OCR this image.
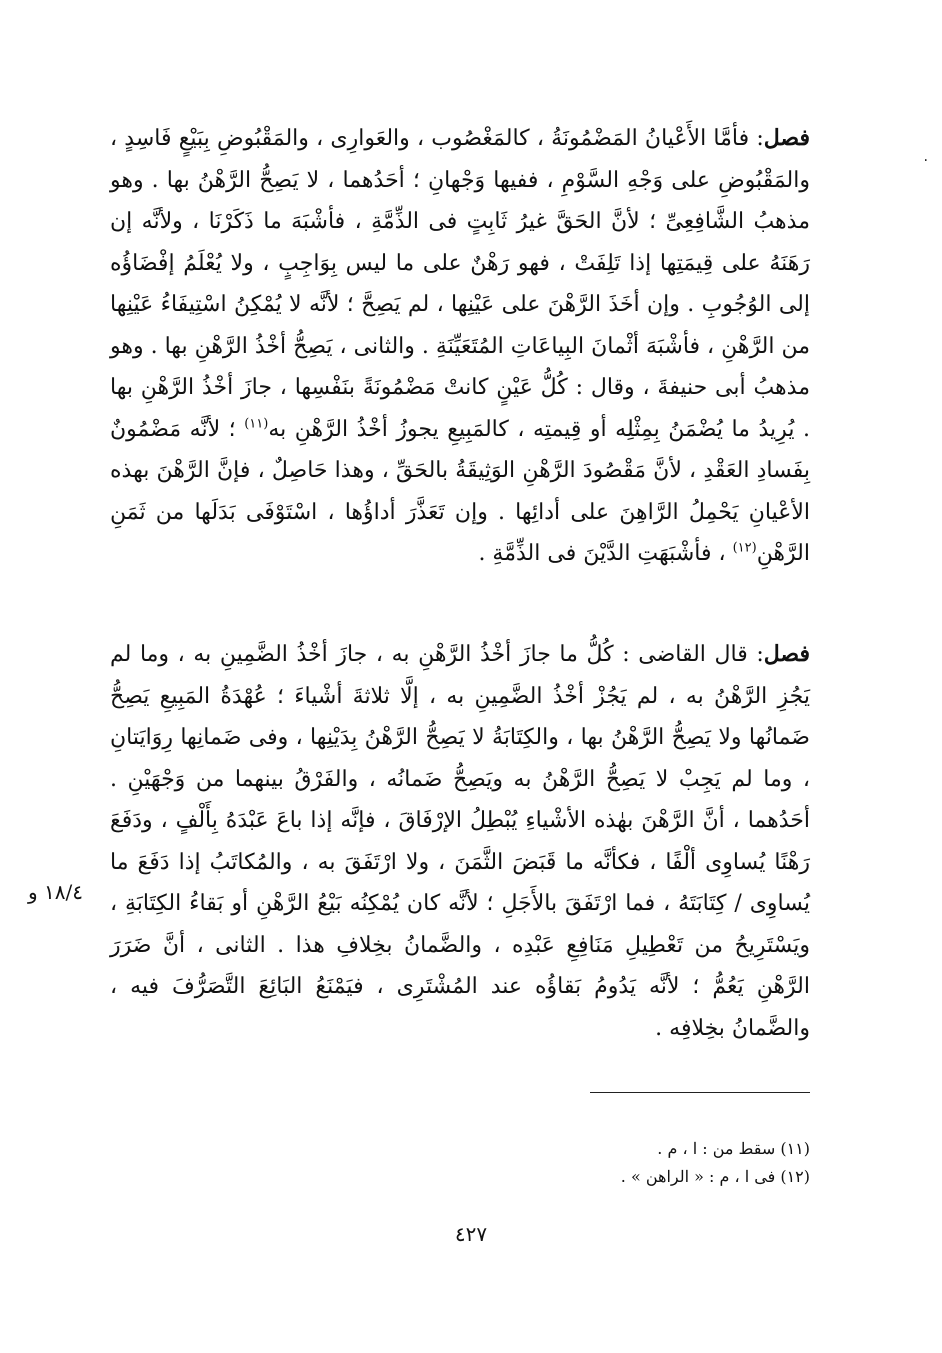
٠

فصل: فأمَّا الأَعْيانُ المَضْمُونَةُ ، كالمَغْصُوب ، والعَوارِى ، والمَقْبُوضِ بِبَيْعٍ فَاسِدٍ ، والمَقْبُوضِ على وَجْهِ السَّوْمِ ، ففيها وَجْهانِ ؛ أحَدُهما ، لا يَصِحُّ الرَّهْنُ بها . وهو مذهبُ الشَّافِعِىِّ ؛ لأنَّ الحَقَّ غيرُ ثَابِتٍ فى الذِّمَّةِ ، فأشْبَهَ ما ذَكَرْنَا ، ولأنَّه إن رَهَنَهُ على قِيمَتِها إذا تَلِفَتْ ، فهو رَهْنٌ على ما ليس بِوَاجِبٍ ، ولا يُعْلَمُ إفْضَاؤُه إلى الوُجُوبِ . وإن أخَذَ الرَّهْنَ على عَيْنِها ، لم يَصِحَّ ؛ لأنَّه لا يُمْكِنُ اسْتِيفَاءُ عَيْنِها من الرَّهْنِ ، فأشْبَهَ أثْمانَ البِياعَاتِ المُتَعَيِّنَةِ . والثانى ، يَصِحُّ أخْذُ الرَّهْنِ بها . وهو مذهبُ أبى حنيفةَ ، وقال : كُلُّ عَيْنٍ كانتْ مَضْمُونَةً بنَفْسِها ، جازَ أخْذُ الرَّهْنِ بها . يُرِيدُ ما يُضْمَنُ بِمِثْلِه أو قِيمتِه ، كالمَبِيعِ يجوزُ أخْذُ الرَّهْنِ به$^{(١١)}$ ؛ لأنَّه مَضْمُونٌ بِفَسادِ العَقْدِ ، لأنَّ مَقْصُودَ الرَّهْنِ الوَثِيقَةُ بالحَقِّ ، وهذا حَاصِلٌ ، فإنَّ الرَّهْنَ بهذه الأعْيانِ يَحْمِلُ الرَّاهِنَ على أدائِها . وإن تَعَذَّرَ أداؤُها ، اسْتَوْفَى بَدَلَها من ثَمَنِ الرَّهْنِ$^{(١٢)}$ ، فأشْبَهَتِ الدَّيْنَ فى الذِّمَّةِ .

فصل: قال القاضى : كُلُّ ما جازَ أخْذُ الرَّهْنِ به ، جازَ أخْذُ الضَّمِينِ به ، وما لم يَجُزِ الرَّهْنُ به ، لم يَجُزْ أخْذُ الضَّمِينِ به ، إلَّا ثلاثةَ أشْياءَ ؛ عُهْدَةُ المَبِيعِ يَصِحُّ ضَمانُها ولا يَصِحُّ الرَّهْنُ بها ، والكِتَابَةُ لا يَصِحُّ الرَّهْنُ بِدَيْنِها ، وفى ضَمانِها رِوَايَتانِ ، وما لم يَجِبْ لا يَصِحُّ الرَّهْنُ به ويَصِحُّ ضَمانُه ، والفَرْقُ بينهما من وَجْهَيْنِ . أحَدُهما ، أنَّ الرَّهْنَ بهٰذه الأشْياءِ يُبْطِلُ الإرْفَاقَ ، فإنَّه إذا باعَ عَبْدَهُ بِأَلْفٍ ، ودَفَعَ رَهْنًا يُساوِى ألْفًا ، فكأنَّه ما قَبَضَ الثَّمَنَ ، ولا ارْتَفَقَ به ، والمُكاتَبُ إذا دَفَعَ ما يُساوِى / كِتَابَتَهُ ، فما ارْتَفَقَ بالأَجَلِ ؛ لأنَّه كان يُمْكِنُه بَيْعُ الرَّهْنِ أو بَقاءُ الكِتَابَةِ ، ويَسْتَرِيحُ من تَعْطِيلِ مَنَافِعِ عَبْدِه ، والضَّمانُ بخِلافِ هذا . الثانى ، أنَّ ضَرَرَ الرَّهْنِ يَعُمُّ ؛ لأنَّه يَدُومُ بَقاؤُه عند المُشْتَرِى ، فيَمْنَعُ البَائِعَ التَّصَرُّفَ فيه ، والضَّمانُ بخِلافِه .

١٨/٤ و

(١١) سقط من : ا ، م .

(١٢) فى ا ، م : « الراهن » .

٤٢٧
